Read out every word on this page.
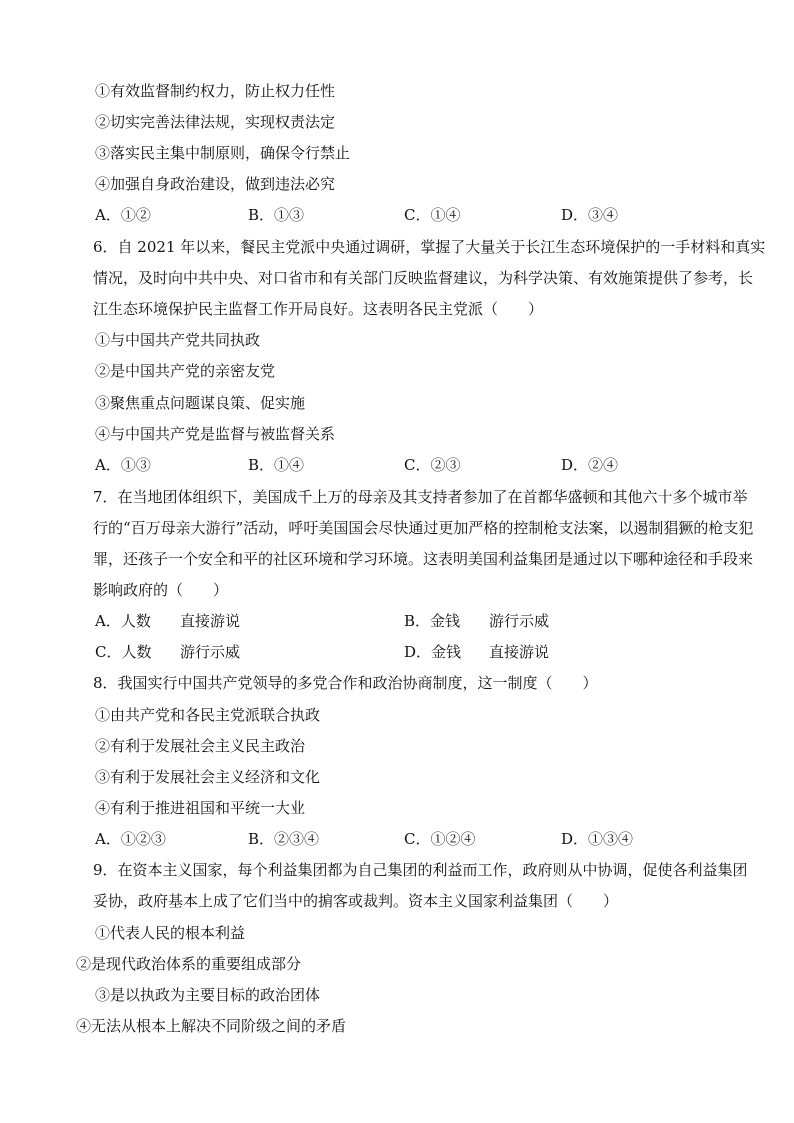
①有效监督制约权力，防止权力任性
②切实完善法律法规，实现权责法定
③落实民主集中制原则，确保令行禁止
④加强自身政治建设，做到违法必究
A．①②	B．①③	C．①④	D．③④
6．自 2021 年以来，餐民主党派中央通过调研，掌握了大量关于长江生态环境保护的一手材料和真实
情况，及时向中共中央、对口省市和有关部门反映监督建议，为科学决策、有效施策提供了参考，长
江生态环境保护民主监督工作开局良好。这表明各民主党派（　　）
①与中国共产党共同执政
②是中国共产党的亲密友党
③聚焦重点问题谋良策、促实施
④与中国共产党是监督与被监督关系
A．①③	B．①④	C．②③	D．②④
7．在当地团体组织下，美国成千上万的母亲及其支持者参加了在首都华盛顿和其他六十多个城市举
行的“百万母亲大游行”活动，呼吁美国国会尽快通过更加严格的控制枪支法案，以遏制猖獗的枪支犯
罪，还孩子一个安全和平的社区环境和学习环境。这表明美国利益集团是通过以下哪种途径和手段来
影响政府的（　　）
A．人数 直接游说	B．金钱 游行示威
C．人数 游行示威	D．金钱 直接游说
8．我国实行中国共产党领导的多党合作和政治协商制度，这一制度（　　）
①由共产党和各民主党派联合执政
②有利于发展社会主义民主政治
③有利于发展社会主义经济和文化
④有利于推进祖国和平统一大业
A．①②③	B．②③④	C．①②④	D．①③④
9．在资本主义国家，每个利益集团都为自己集团的利益而工作，政府则从中协调，促使各利益集团
妥协，政府基本上成了它们当中的掮客或裁判。资本主义国家利益集团（　　）
①代表人民的根本利益
②是现代政治体系的重要组成部分
③是以执政为主要目标的政治团体
④无法从根本上解决不同阶级之间的矛盾
